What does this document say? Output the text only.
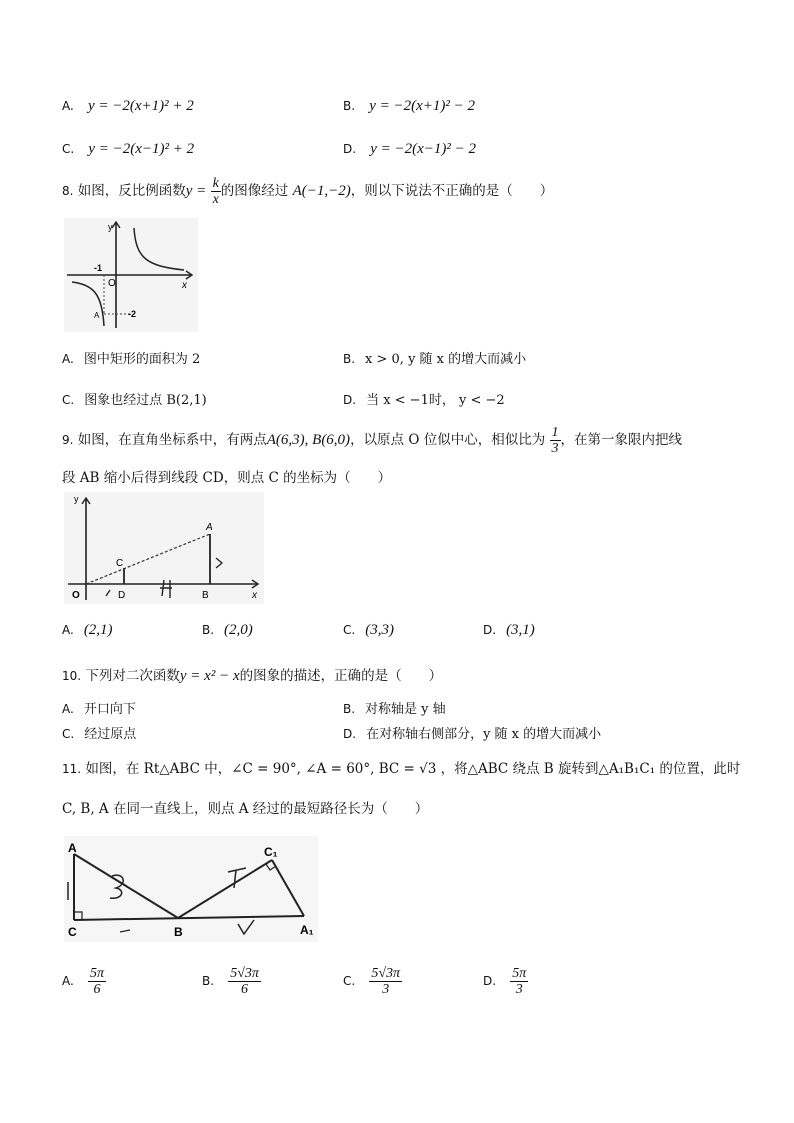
A. y = −2(x+1)² + 2	B. y = −2(x+1)² − 2
C. y = −2(x−1)² + 2	D. y = −2(x−1)² − 2
8. 如图，反比例函数$y = \frac{k}{x}$ 的图像经过 A(−1,−2)，则以下说法不正确的是（　　）
y
x
O
-1
-2
A
A. 图中矩形的面积为 2	B. x > 0, y 随 x 的增大而减小
C. 图象也经过点 B(2,1)	D. 当 x < −1时， y < −2
9. 如图，在直角坐标系中，有两点A(6,3), B(6,0)，以原点 O 位似中心，相似比为 $\frac{1}{3}$ ，在第一象限内把线
段 AB 缩小后得到线段 CD，则点 C 的坐标为（　　）
y
x
O
C
D
A
B
A. (2,1)	B. (2,0)	C. (3,3)	D. (3,1)
10. 下列对二次函数y = x² − x的图象的描述，正确的是（　　）
A. 开口向下	B. 对称轴是 y 轴
C. 经过原点	D. 在对称轴右侧部分，y 随 x 的增大而减小
11. 如图，在 Rt△ABC 中，∠C = 90°, ∠A = 60°, BC = √3 ，将△ABC 绕点 B 旋转到△A₁B₁C₁ 的位置，此时
C, B, A 在同一直线上，则点 A 经过的最短路径长为（　　）
A
C	B
C₁
A₁
A. $\frac{5\pi}{6}$	B. $\frac{5√3\pi}{6}$	C. $\frac{5√3\pi}{3}$	D. $\frac{5\pi}{3}$
